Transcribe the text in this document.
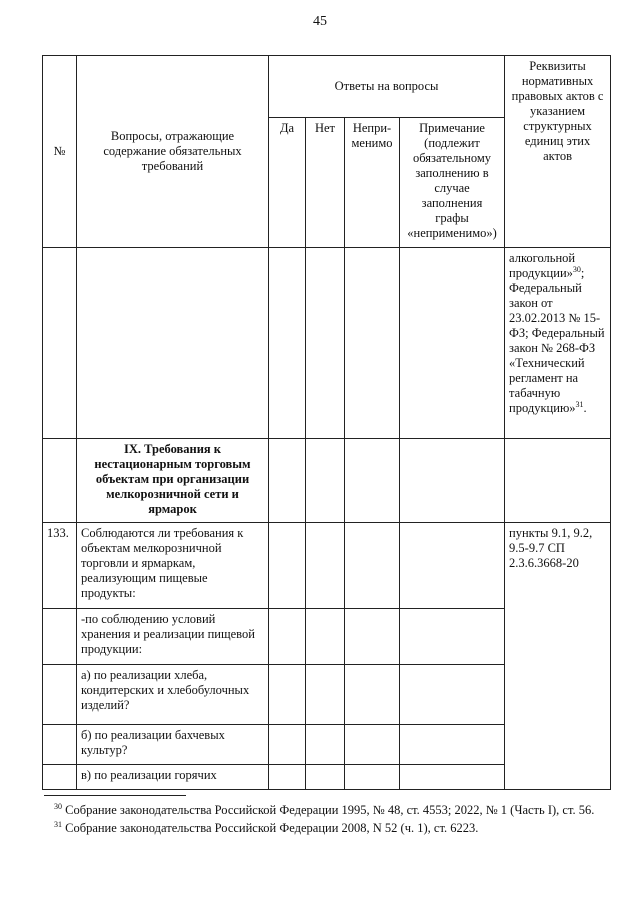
45
№	Вопросы, отражающие содержание обязательных требований	Ответы на вопросы				Реквизиты нормативных правовых актов с указанием структурных единиц этих актов
		Да	Нет	Непри-менимо	Примечание (подлежит обязательному заполнению в случае заполнения графы «неприменимо»)	
						алкогольной продукции»$^{30}$; Федеральный закон от 23.02.2013 № 15-ФЗ; Федеральный закон № 268-ФЗ «Технический регламент на табачную продукцию»$^{31}$.
	IX. Требования к нестационарным торговым объектам при организации мелкорозничной сети и ярмарок					
133.	Соблюдаются ли требования к объектам мелкорозничной торговли и ярмаркам, реализующим пищевые продукты:					пункты 9.1, 9.2, 9.5-9.7 СП 2.3.6.3668-20
	-по соблюдению условий хранения и реализации пищевой продукции:					
	а) по реализации хлеба, кондитерских и хлебобулочных изделий?					
	б) по реализации бахчевых культур?					
	в) по реализации горячих					

$^{30}$ Собрание законодательства Российской Федерации 1995, № 48, ст. 4553; 2022, № 1 (Часть I), ст. 56.

$^{31}$ Собрание законодательства Российской Федерации 2008, N 52 (ч. 1), ст. 6223.
